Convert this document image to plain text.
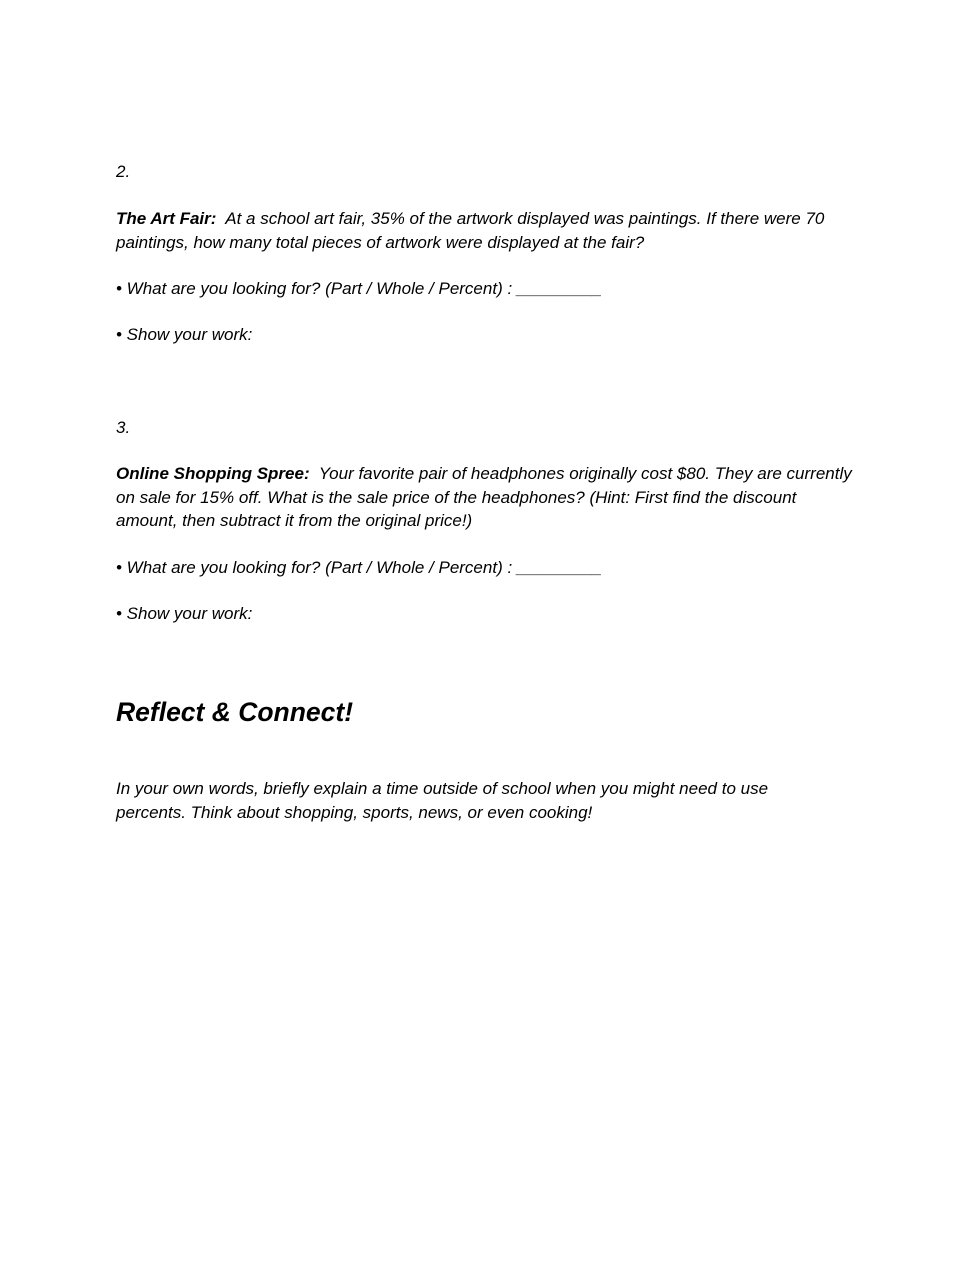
2.
The Art Fair: At a school art fair, 35% of the artwork displayed was paintings. If there were 70 paintings, how many total pieces of artwork were displayed at the fair?
• What are you looking for? (Part / Whole / Percent) : _________
• Show your work:
3.
Online Shopping Spree: Your favorite pair of headphones originally cost $80. They are currently on sale for 15% off. What is the sale price of the headphones? (Hint: First find the discount amount, then subtract it from the original price!)
• What are you looking for? (Part / Whole / Percent) : _________
• Show your work:
Reflect & Connect!
In your own words, briefly explain a time outside of school when you might need to use percents. Think about shopping, sports, news, or even cooking!
